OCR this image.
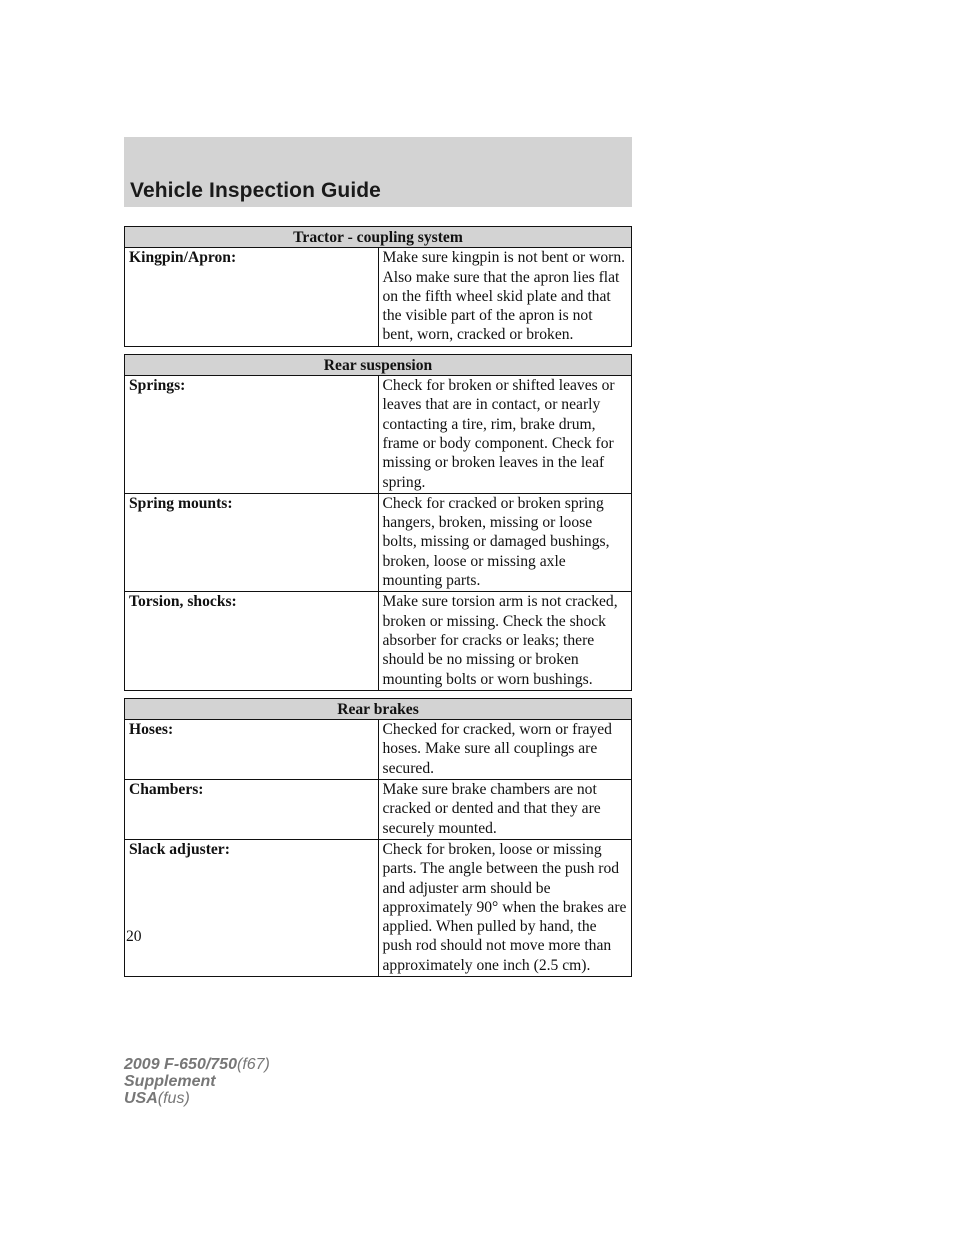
Vehicle Inspection Guide
Tractor - coupling system
Kingpin/Apron:	Make sure kingpin is not bent or worn. Also make sure that the apron lies flat on the fifth wheel skid plate and that the visible part of the apron is not bent, worn, cracked or broken.
Rear suspension	
Springs:	Check for broken or shifted leaves or leaves that are in contact, or nearly contacting a tire, rim, brake drum, frame or body component. Check for missing or broken leaves in the leaf spring.
Spring mounts:	Check for cracked or broken spring hangers, broken, missing or loose bolts, missing or damaged bushings, broken, loose or missing axle mounting parts.
Torsion, shocks:	Make sure torsion arm is not cracked, broken or missing. Check the shock absorber for cracks or leaks; there should be no missing or broken mounting bolts or worn bushings.
Rear brakes	
Hoses:	Checked for cracked, worn or frayed hoses. Make sure all couplings are secured.
Chambers:	Make sure brake chambers are not cracked or dented and that they are securely mounted.
Slack adjuster:	Check for broken, loose or missing parts. The angle between the push rod and adjuster arm should be approximately 90° when the brakes are applied. When pulled by hand, the push rod should not move more than approximately one inch (2.5 cm).
20
2009 F-650/750(f67)
Supplement
USA(fus)
